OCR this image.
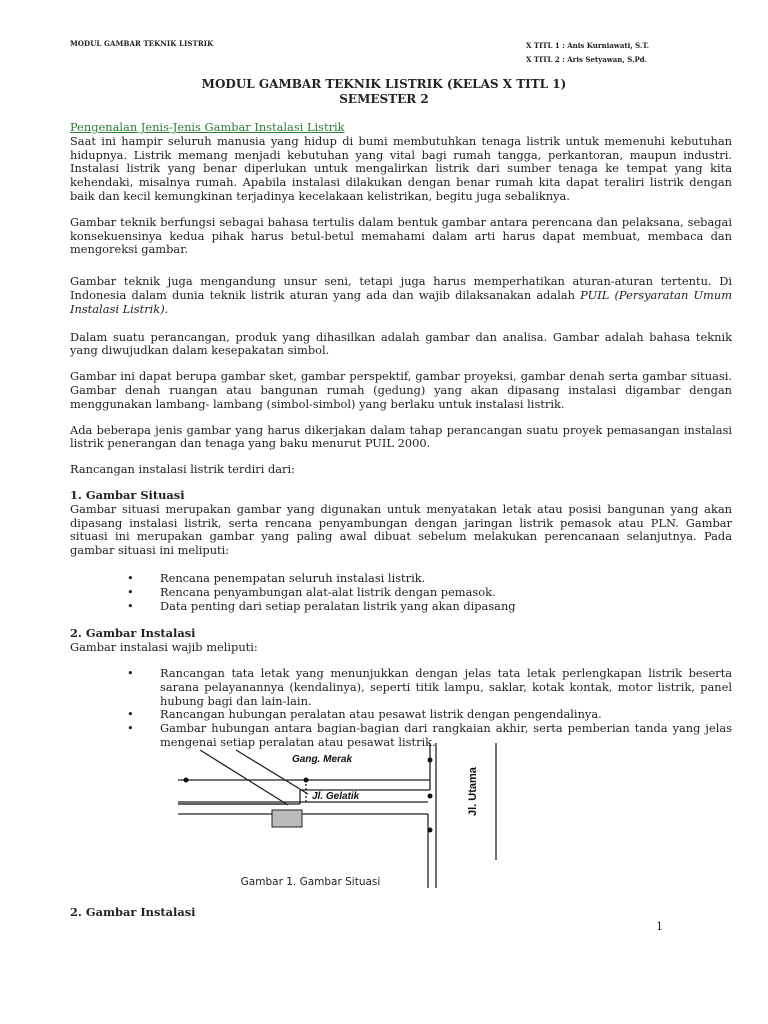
MODUL GAMBAR TEKNIK LISTRIK	X TITL 1 : Anis Kurniawati, S.T.
X TITL 2 : Aris Setyawan, S.Pd.
MODUL GAMBAR TEKNIK LISTRIK (KELAS X TITL 1)
SEMESTER 2

Pengenalan Jenis-Jenis Gambar Instalasi Listrik

Saat ini hampir seluruh manusia yang hidup di bumi membutuhkan tenaga listrik untuk memenuhi kebutuhan hidupnya. Listrik memang menjadi kebutuhan yang vital bagi rumah tangga, perkantoran, maupun industri. Instalasi listrik yang benar diperlukan untuk mengalirkan listrik dari sumber tenaga ke tempat yang kita kehendaki, misalnya rumah. Apabila instalasi dilakukan dengan benar rumah kita dapat teraliri listrik dengan baik dan kecil kemungkinan terjadinya kecelakaan kelistrikan, begitu juga sebaliknya.

Gambar teknik berfungsi sebagai bahasa tertulis dalam bentuk gambar antara perencana dan pelaksana, sebagai konsekuensinya kedua pihak harus betul-betul memahami dalam arti harus dapat membuat, membaca dan mengoreksi gambar.

Gambar teknik juga mengandung unsur seni, tetapi juga harus memperhatikan aturan-aturan tertentu. Di Indonesia dalam dunia teknik listrik aturan yang ada dan wajib dilaksanakan adalah PUIL (Persyaratan Umum Instalasi Listrik).

Dalam suatu perancangan, produk yang dihasilkan adalah gambar dan analisa. Gambar adalah bahasa teknik yang diwujudkan dalam kesepakatan simbol.

Gambar ini dapat berupa gambar sket, gambar perspektif, gambar proyeksi, gambar denah serta gambar situasi. Gambar denah ruangan atau bangunan rumah (gedung) yang akan dipasang instalasi digambar dengan menggunakan lambang- lambang (simbol-simbol) yang berlaku untuk instalasi listrik.

Ada beberapa jenis gambar yang harus dikerjakan dalam tahap perancangan suatu proyek pemasangan instalasi listrik penerangan dan tenaga yang baku menurut PUIL 2000.

Rancangan instalasi listrik terdiri dari:

1. Gambar Situasi

Gambar situasi merupakan gambar yang digunakan untuk menyatakan letak atau posisi bangunan yang akan dipasang instalasi listrik, serta rencana penyambungan dengan jaringan listrik pemasok atau PLN. Gambar situasi ini merupakan gambar yang paling awal dibuat sebelum melakukan perencanaan selanjutnya. Pada gambar situasi ini meliputi:

• Rencana penempatan seluruh instalasi listrik.
• Rencana penyambungan alat-alat listrik dengan pemasok.
• Data penting dari setiap peralatan listrik yang akan dipasang

2. Gambar Instalasi

Gambar instalasi wajib meliputi:

• Rancangan tata letak yang menunjukkan dengan jelas tata letak perlengkapan listrik beserta sarana pelayanannya (kendalinya), seperti titik lampu, saklar, kotak kontak, motor listrik, panel hubung bagi dan lain-lain.
• Rancangan hubungan peralatan atau pesawat listrik dengan pengendalinya.
• Gambar hubungan antara bagian-bagian dari rangkaian akhir, serta pemberian tanda yang jelas mengenai setiap peralatan atau pesawat listrik.
Gang. Merak
Jl. Gelatik	Jl. Utama
Gambar 1. Gambar Situasi
2. Gambar Instalasi
1
